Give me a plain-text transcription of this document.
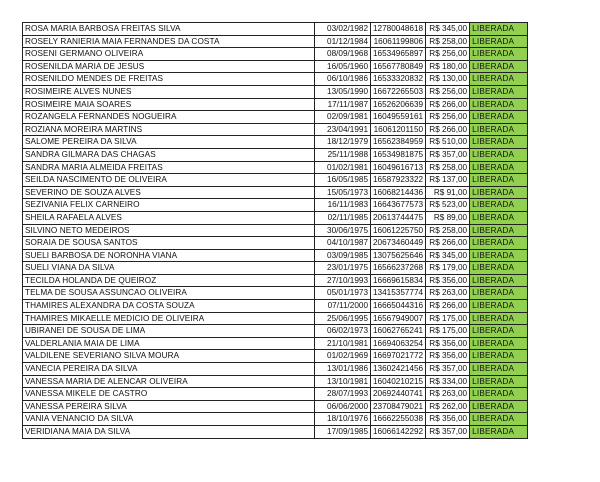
ROSA MARIA BARBOSA FREITAS SILVA	03/02/1982	12780048618	R$ 345,00	LIBERADA
ROSELY RANIERIA MAIA FERNANDES DA COSTA	01/12/1984	16061199806	R$ 258,00	LIBERADA
ROSENI GERMANO OLIVEIRA	08/09/1968	16534965897	R$ 256,00	LIBERADA
ROSENILDA MARIA DE JESUS	16/05/1960	16567780849	R$ 180,00	LIBERADA
ROSENILDO MENDES DE FREITAS	06/10/1986	16533320832	R$ 130,00	LIBERADA
ROSIMEIRE ALVES NUNES	13/05/1990	16672265503	R$ 256,00	LIBERADA
ROSIMEIRE MAIA SOARES	17/11/1987	16526206639	R$ 266,00	LIBERADA
ROZANGELA FERNANDES NOGUEIRA	02/09/1981	16049559161	R$ 256,00	LIBERADA
ROZIANA MOREIRA MARTINS	23/04/1991	16061201150	R$ 266,00	LIBERADA
SALOME PEREIRA DA SILVA	18/12/1979	16562384959	R$ 510,00	LIBERADA
SANDRA GILMARA DAS CHAGAS	25/11/1988	16534981875	R$ 357,00	LIBERADA
SANDRA MARIA ALMEIDA FREITAS	01/02/1981	16049616713	R$ 258,00	LIBERADA
SEILDA NASCIMENTO DE OLIVEIRA	16/05/1985	16587923322	R$ 137,00	LIBERADA
SEVERINO DE SOUZA ALVES	15/05/1973	16068214436	R$ 91,00	LIBERADA
SEZIVANIA FELIX CARNEIRO	16/11/1983	16643677573	R$ 523,00	LIBERADA
SHEILA RAFAELA ALVES	02/11/1985	20613744475	R$ 89,00	LIBERADA
SILVINO NETO MEDEIROS	30/06/1975	16061225750	R$ 258,00	LIBERADA
SORAIA DE SOUSA SANTOS	04/10/1987	20673460449	R$ 266,00	LIBERADA
SUELI BARBOSA DE NORONHA VIANA	03/09/1985	13075625646	R$ 345,00	LIBERADA
SUELI VIANA DA SILVA	23/01/1975	16566237268	R$ 179,00	LIBERADA
TECILDA HOLANDA DE QUEIROZ	27/10/1993	16669615834	R$ 356,00	LIBERADA
TELMA DE SOUSA ASSUNCAO OLIVEIRA	05/01/1973	13415357774	R$ 263,00	LIBERADA
THAMIRES ALEXANDRA DA COSTA SOUZA	07/11/2000	16665044316	R$ 266,00	LIBERADA
THAMIRES MIKAELLE MEDICIO DE OLIVEIRA	25/06/1995	16567949007	R$ 175,00	LIBERADA
UBIRANEI DE SOUSA DE LIMA	06/02/1973	16062765241	R$ 175,00	LIBERADA
VALDERLANIA MAIA DE LIMA	21/10/1981	16694063254	R$ 356,00	LIBERADA
VALDILENE SEVERIANO SILVA MOURA	01/02/1969	16697021772	R$ 356,00	LIBERADA
VANECIA PEREIRA DA SILVA	13/01/1986	13602421456	R$ 357,00	LIBERADA
VANESSA MARIA DE ALENCAR OLIVEIRA	13/10/1981	16040210215	R$ 334,00	LIBERADA
VANESSA MIKELE DE CASTRO	28/07/1993	20692440741	R$ 263,00	LIBERADA
VANESSA PEREIRA SILVA	06/06/2000	23708479021	R$ 262,00	LIBERADA
VANIA VENANCIO DA SILVA	18/10/1976	16662255038	R$ 356,00	LIBERADA
VERIDIANA MAIA DA SILVA	17/09/1985	16066142292	R$ 357,00	LIBERADA
